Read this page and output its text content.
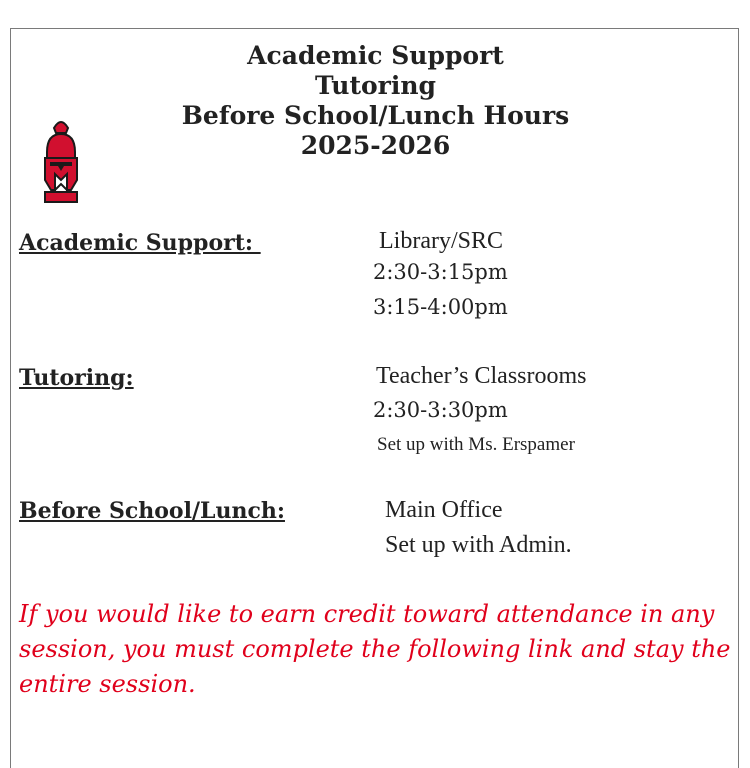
Academic Support
Tutoring
Before School/Lunch Hours
2025-2026
Academic Support:	Library/SRC
2:30-3:15pm
3:15-4:00pm
Tutoring:	Teacher’s Classrooms
2:30-3:30pm
Set up with Ms. Erspamer
Before School/Lunch:	Main Office
Set up with Admin.
If you would like to earn credit toward attendance in any session, you must complete the following link and stay the entire session.
